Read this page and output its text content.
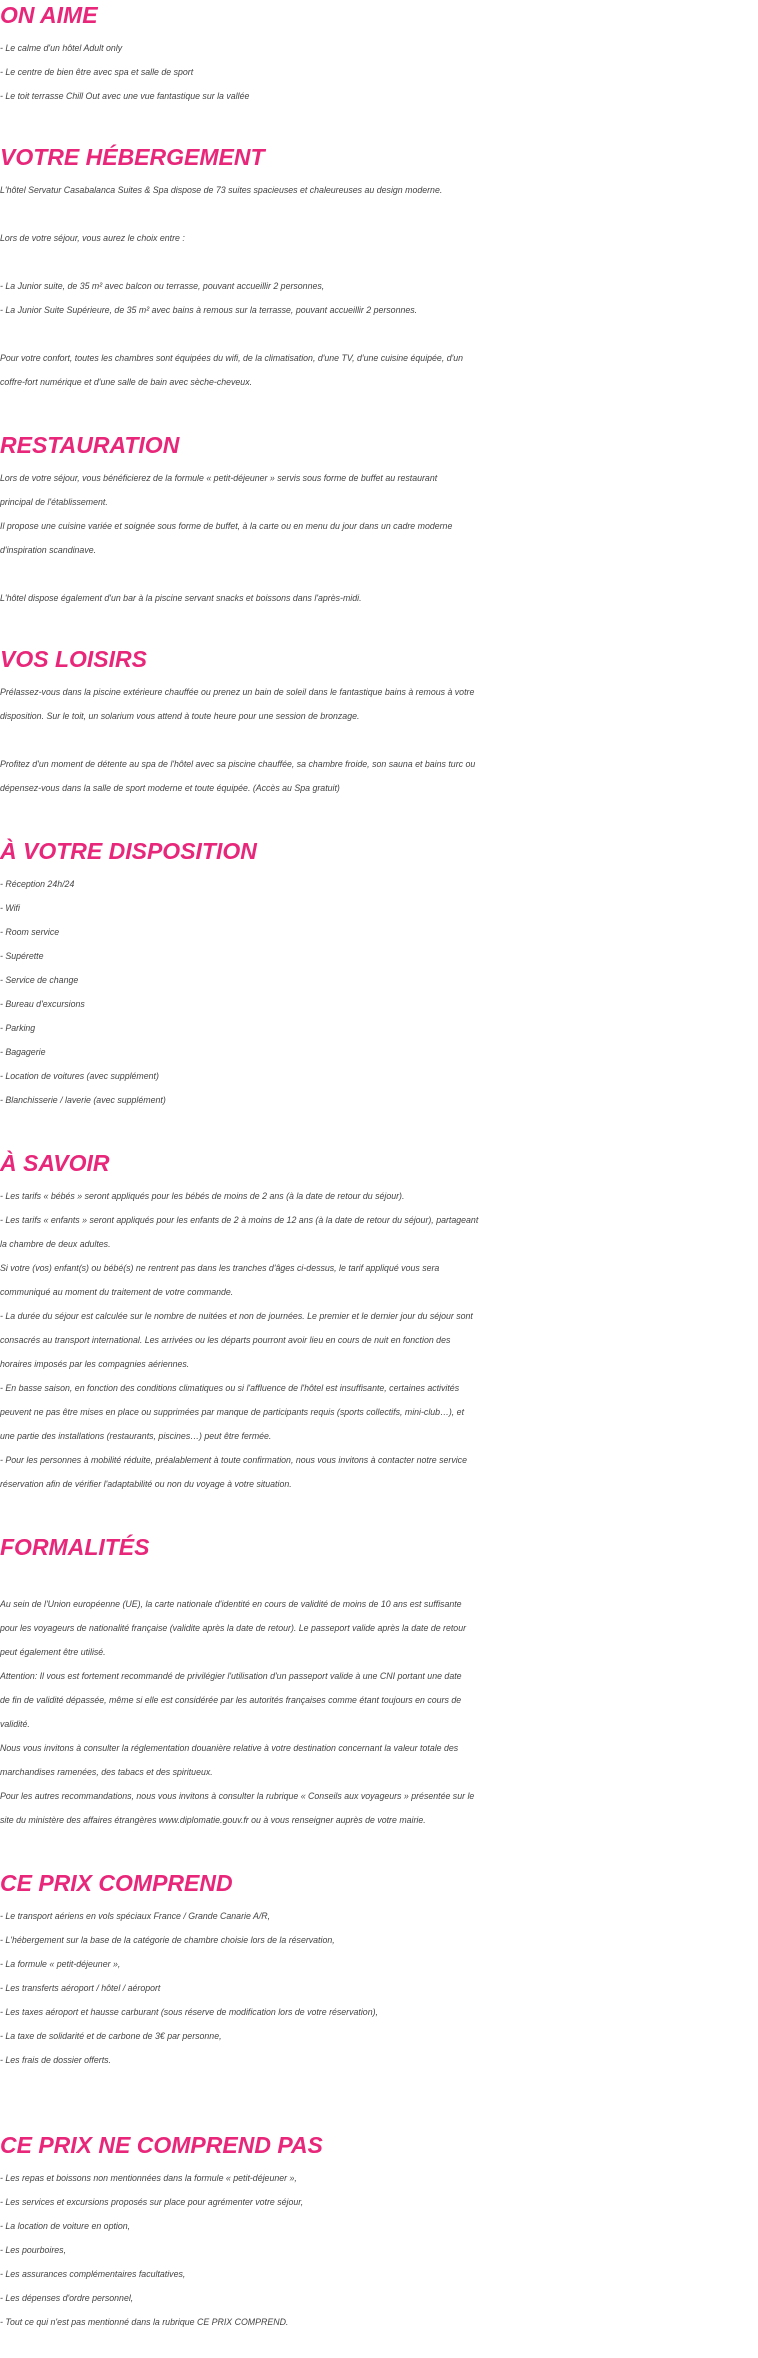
ON AIME
- Le calme d'un hôtel Adult only
- Le centre de bien être avec spa et salle de sport
- Le toit terrasse Chill Out avec une vue fantastique sur la vallée
VOTRE HÉBERGEMENT
L'hôtel Servatur Casabalanca Suites & Spa dispose de 73 suites spacieuses et chaleureuses au design moderne.
Lors de votre séjour, vous aurez le choix entre :
- La Junior suite, de 35 m² avec balcon ou terrasse, pouvant accueillir 2 personnes,
- La Junior Suite Supérieure, de 35 m² avec bains à remous sur la terrasse, pouvant accueillir 2 personnes.
Pour votre confort, toutes les chambres sont équipées du wifi, de la climatisation, d'une TV, d'une cuisine équipée, d'un
coffre-fort numérique et d'une salle de bain avec sèche-cheveux.
RESTAURATION
Lors de votre séjour, vous bénéficierez de la formule « petit-déjeuner » servis sous forme de buffet au restaurant
principal de l'établissement.
Il propose une cuisine variée et soignée sous forme de buffet, à la carte ou en menu du jour dans un cadre moderne
d'inspiration scandinave.
L'hôtel dispose également d'un bar à la piscine servant snacks et boissons dans l'après-midi.
VOS LOISIRS
Prélassez-vous dans la piscine extérieure chauffée ou prenez un bain de soleil dans le fantastique bains à remous à votre
disposition. Sur le toit, un solarium vous attend à toute heure pour une session de bronzage.
Profitez d'un moment de détente au spa de l'hôtel avec sa piscine chauffée, sa chambre froide, son sauna et bains turc ou
dépensez-vous dans la salle de sport moderne et toute équipée. (Accès au Spa gratuit)
À VOTRE DISPOSITION
- Réception 24h/24
- Wifi
- Room service
- Supérette
- Service de change
- Bureau d'excursions
- Parking
- Bagagerie
- Location de voitures (avec supplément)
- Blanchisserie / laverie (avec supplément)
À SAVOIR
- Les tarifs « bébés » seront appliqués pour les bébés de moins de 2 ans (à la date de retour du séjour).
- Les tarifs « enfants » seront appliqués pour les enfants de 2 à moins de 12 ans (à la date de retour du séjour), partageant
la chambre de deux adultes.
Si votre (vos) enfant(s) ou bébé(s) ne rentrent pas dans les tranches d'âges ci-dessus, le tarif appliqué vous sera
communiqué au moment du traitement de votre commande.
- La durée du séjour est calculée sur le nombre de nuitées et non de journées. Le premier et le dernier jour du séjour sont
consacrés au transport international. Les arrivées ou les départs pourront avoir lieu en cours de nuit en fonction des
horaires imposés par les compagnies aériennes.
- En basse saison, en fonction des conditions climatiques ou si l'affluence de l'hôtel est insuffisante, certaines activités
peuvent ne pas être mises en place ou supprimées par manque de participants requis (sports collectifs, mini-club…), et
une partie des installations (restaurants, piscines…) peut être fermée.
- Pour les personnes à mobilité réduite, préalablement à toute confirmation, nous vous invitons à contacter notre service
réservation afin de vérifier l'adaptabilité ou non du voyage à votre situation.
FORMALITÉS
Au sein de l'Union européenne (UE), la carte nationale d'identité en cours de validité de moins de 10 ans est suffisante
pour les voyageurs de nationalité française (validite après la date de retour). Le passeport valide après la date de retour
peut également être utilisé.
Attention: Il vous est fortement recommandé de privilégier l'utilisation d'un passeport valide à une CNI portant une date
de fin de validité dépassée, même si elle est considérée par les autorités françaises comme étant toujours en cours de
validité.
Nous vous invitons à consulter la réglementation douanière relative à votre destination concernant la valeur totale des
marchandises ramenées, des tabacs et des spiritueux.
Pour les autres recommandations, nous vous invitons à consulter la rubrique « Conseils aux voyageurs » présentée sur le
site du ministère des affaires étrangères www.diplomatie.gouv.fr ou à vous renseigner auprès de votre mairie.
CE PRIX COMPREND
- Le transport aériens en vols spéciaux France / Grande Canarie A/R,
- L'hébergement sur la base de la catégorie de chambre choisie lors de la réservation,
- La formule « petit-déjeuner »,
- Les transferts aéroport / hôtel / aéroport
- Les taxes aéroport et hausse carburant (sous réserve de modification lors de votre réservation),
- La taxe de solidarité et de carbone de 3€ par personne,
- Les frais de dossier offerts.
CE PRIX NE COMPREND PAS
- Les repas et boissons non mentionnées dans la formule « petit-déjeuner »,
- Les services et excursions proposés sur place pour agrémenter votre séjour,
- La location de voiture en option,
- Les pourboires,
- Les assurances complémentaires facultatives,
- Les dépenses d'ordre personnel,
- Tout ce qui n'est pas mentionné dans la rubrique CE PRIX COMPREND.
